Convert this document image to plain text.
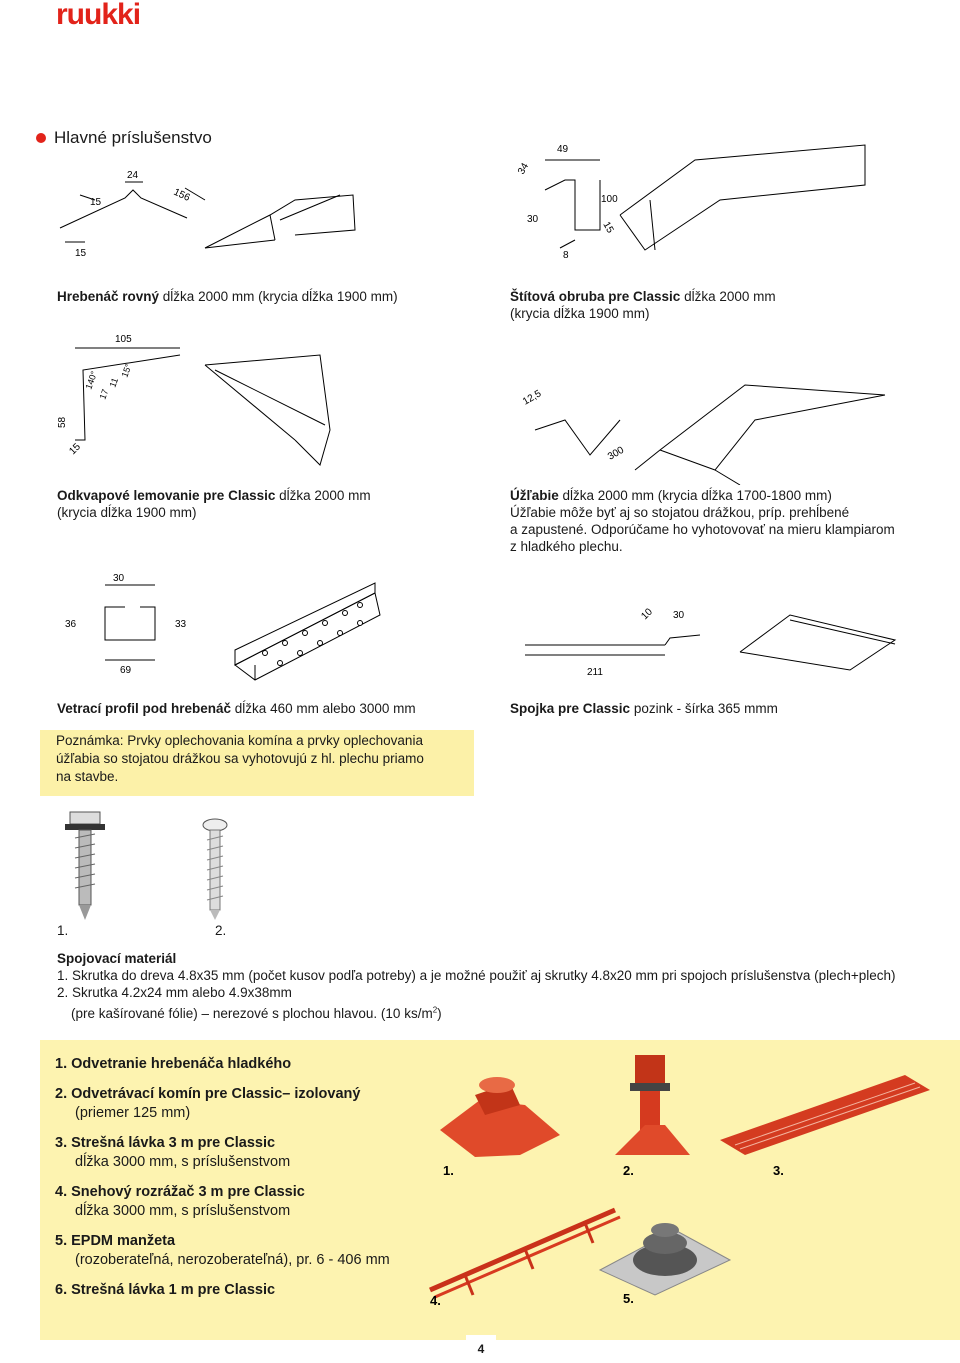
ruukki
Hlavné príslušenstvo
15
24
156
15
49
34
100
30
15
8
Hrebenáč rovný dĺžka 2000 mm (krycia dĺžka 1900 mm)	Štítová obruba pre Classic dĺžka 2000 mm
(krycia dĺžka 1900 mm)
105
140°
17
11
15°
58
15
12,5
300
Odkvapové lemovanie pre Classic dĺžka 2000 mm
(krycia dĺžka 1900 mm)
Úžľabie dĺžka 2000 mm (krycia dĺžka 1700-1800 mm)
Úžľabie môže byť aj so stojatou drážkou, príp. prehĺbené
a zapustené. Odporúčame ho vyhotovovať na mieru klampiarom
z hladkého plechu.
30
36	33
69
10 30
211
Vetrací profil pod hrebenáč dĺžka 460 mm alebo 3000 mm	Spojka pre Classic pozink - šírka 365 mmm
Poznámka: Prvky oplechovania komína a prvky oplechovania
úžľabia so stojatou drážkou sa vyhotovujú z hl. plechu priamo
na stavbe.
1.	2.
Spojovací materiál
1. Skrutka do dreva 4.8x35 mm (počet kusov podľa potreby) a je možné použiť aj skrutky 4.8x20 mm pri spojoch príslušenstva (plech+plech)
2. Skrutka 4.2x24 mm alebo 4.9x38mm
(pre kašírované fólie) – nerezové s plochou hlavou. (10 $ks/m^2$)
1. Odvetranie hrebenáča hladkého
2. Odvetrávací komín pre Classic– izolovaný
(priemer 125 mm)
3. Strešná lávka 3 m pre Classic
dĺžka 3000 mm, s príslušenstvom
4. Snehový rozrážač 3 m pre Classic
dĺžka 3000 mm, s príslušenstvom
5. EPDM manžeta
(rozoberateľná, nerozoberateľná), pr. 6 - 406 mm
6. Strešná lávka 1 m pre Classic
1.	2.	3.
4.	5.
4
